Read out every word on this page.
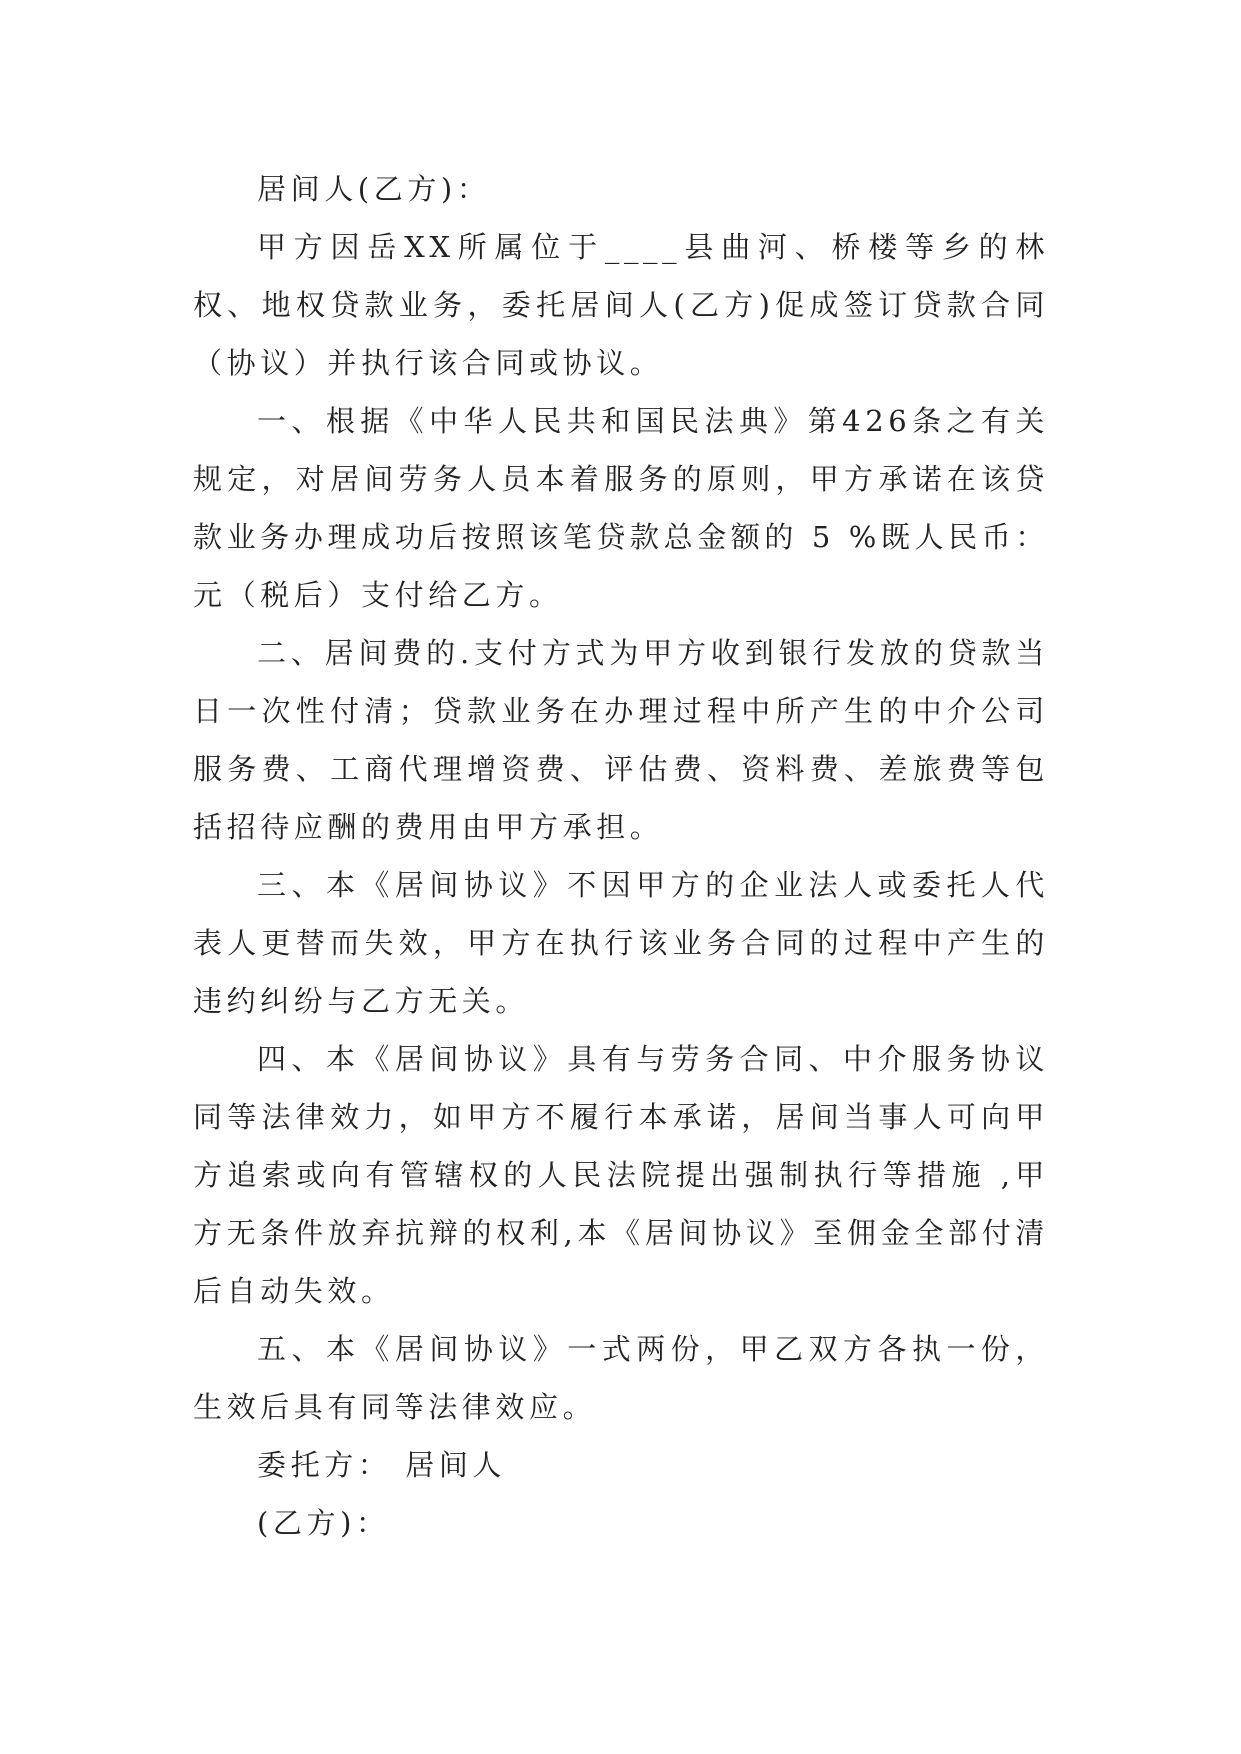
居间人(乙方)：

甲方因岳XX所属位于____县曲河、桥楼等乡的林权、地权贷款业务，委托居间人(乙方)促成签订贷款合同（协议）并执行该合同或协议。

一、根据《中华人民共和国民法典》第426条之有关规定，对居间劳务人员本着服务的原则，甲方承诺在该贷款业务办理成功后按照该笔贷款总金额的 5 %既人民币：元（税后）支付给乙方。

二、居间费的.支付方式为甲方收到银行发放的贷款当日一次性付清；贷款业务在办理过程中所产生的中介公司服务费、工商代理增资费、评估费、资料费、差旅费等包括招待应酬的费用由甲方承担。

三、本《居间协议》不因甲方的企业法人或委托人代表人更替而失效，甲方在执行该业务合同的过程中产生的违约纠纷与乙方无关。

四、本《居间协议》具有与劳务合同、中介服务协议同等法律效力，如甲方不履行本承诺，居间当事人可向甲方追索或向有管辖权的人民法院提出强制执行等措施 ,甲方无条件放弃抗辩的权利,本《居间协议》至佣金全部付清后自动失效。

五、本《居间协议》一式两份，甲乙双方各执一份，生效后具有同等法律效应。

委托方： 居间人

(乙方)：
